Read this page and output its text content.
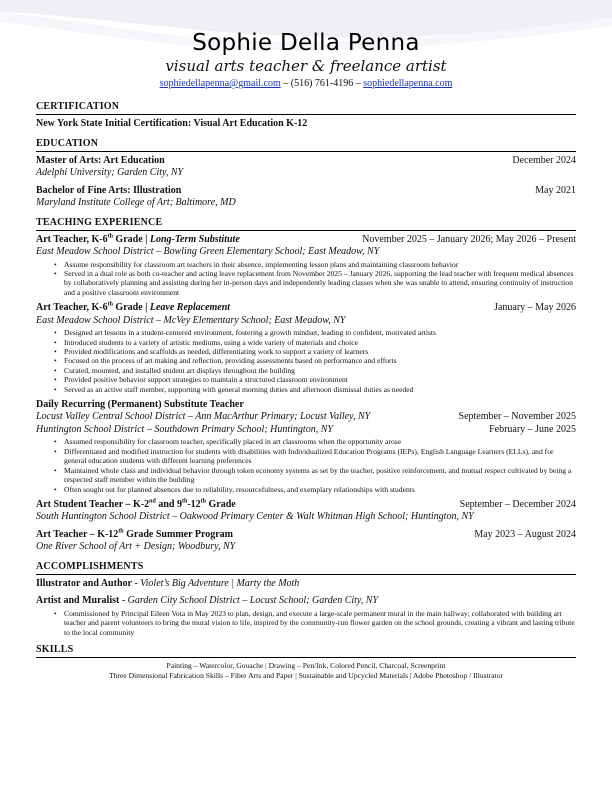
Sophie Della Penna
visual arts teacher & freelance artist
sophiedellapenna@gmail.com – (516) 761-4196 – sophiedellapenna.com
CERTIFICATION
New York State Initial Certification: Visual Art Education K-12
EDUCATION
Master of Arts: Art Education	December 2024
Adelphi University; Garden City, NY
Bachelor of Fine Arts: Illustration	May 2021
Maryland Institute College of Art; Baltimore, MD
TEACHING EXPERIENCE
Art Teacher, K-6th Grade | Long-Term Substitute	November 2025 – January 2026; May 2026 – Present
East Meadow School District – Bowling Green Elementary School; East Meadow, NY
• Assume responsibility for classroom art teachers in their absence, implementing lesson plans and maintaining classroom behavior
• Served in a dual role as both co-teacher and acting leave replacement from November 2025 – January 2026, supporting the lead teacher with frequent medical absences by collaboratively planning and assisting during her in-person days and independently leading classes when she was unable to attend, ensuring continuity of instruction and a positive classroom environment
Art Teacher, K-6th Grade | Leave Replacement	January – May 2026
East Meadow School District – McVey Elementary School; East Meadow, NY
• Designed art lessons in a student-centered environment, fostering a growth mindset, leading to confident, motivated artists
• Introduced students to a variety of artistic mediums, using a wide variety of materials and choice
• Provided modifications and scaffolds as needed, differentiating work to support a variety of learners
• Focused on the process of art making and reflection, providing assessments based on performance and efforts
• Curated, mounted, and installed student art displays throughout the building
• Provided positive behavior support strategies to maintain a structured classroom environment
• Served as an active staff member, supporting with general morning duties and afternoon dismissal duties as needed
Daily Recurring (Permanent) Substitute Teacher
Locust Valley Central School District – Ann MacArthur Primary; Locust Valley, NY	September – November 2025
Huntington School District – Southdown Primary School; Huntington, NY	February – June 2025
• Assumed responsibility for classroom teacher, specifically placed in art classrooms when the opportunity arose
• Differentiated and modified instruction for students with disabilities with Individualized Education Programs (IEPs), English Language Learners (ELLs), and for general education students with different learning preferences
• Maintained whole class and individual behavior through token economy systems as set by the teacher, positive reinforcement, and mutual respect cultivated by being a respected staff member within the building
• Often sought out for planned absences due to reliability, resourcefulness, and exemplary relationships with students
Art Student Teacher – K-2nd and 9th-12th Grade	September – December 2024
South Huntington School District – Oakwood Primary Center & Walt Whitman High School; Huntington, NY
Art Teacher – K-12th Grade Summer Program	May 2023 – August 2024
One River School of Art + Design; Woodbury, NY
ACCOMPLISHMENTS
Illustrator and Author - Violet’s Big Adventure | Marty the Moth
Artist and Muralist - Garden City School District – Locust School; Garden City, NY
• Commissioned by Principal Eileen Vota in May 2023 to plan, design, and execute a large-scale permanent mural in the main hallway; collaborated with building art teacher and parent volunteers to bring the mural vision to life, inspired by the community-run flower garden on the school grounds, creating a vibrant and lasting tribute to the local community
SKILLS
Painting – Watercolor, Gouache | Drawing – Pen/Ink, Colored Pencil, Charcoal, Screenprint
Three Dimensional Fabrication Skills – Fiber Arts and Paper | Sustainable and Upcycled Materials | Adobe Photoshop / Illustrator
